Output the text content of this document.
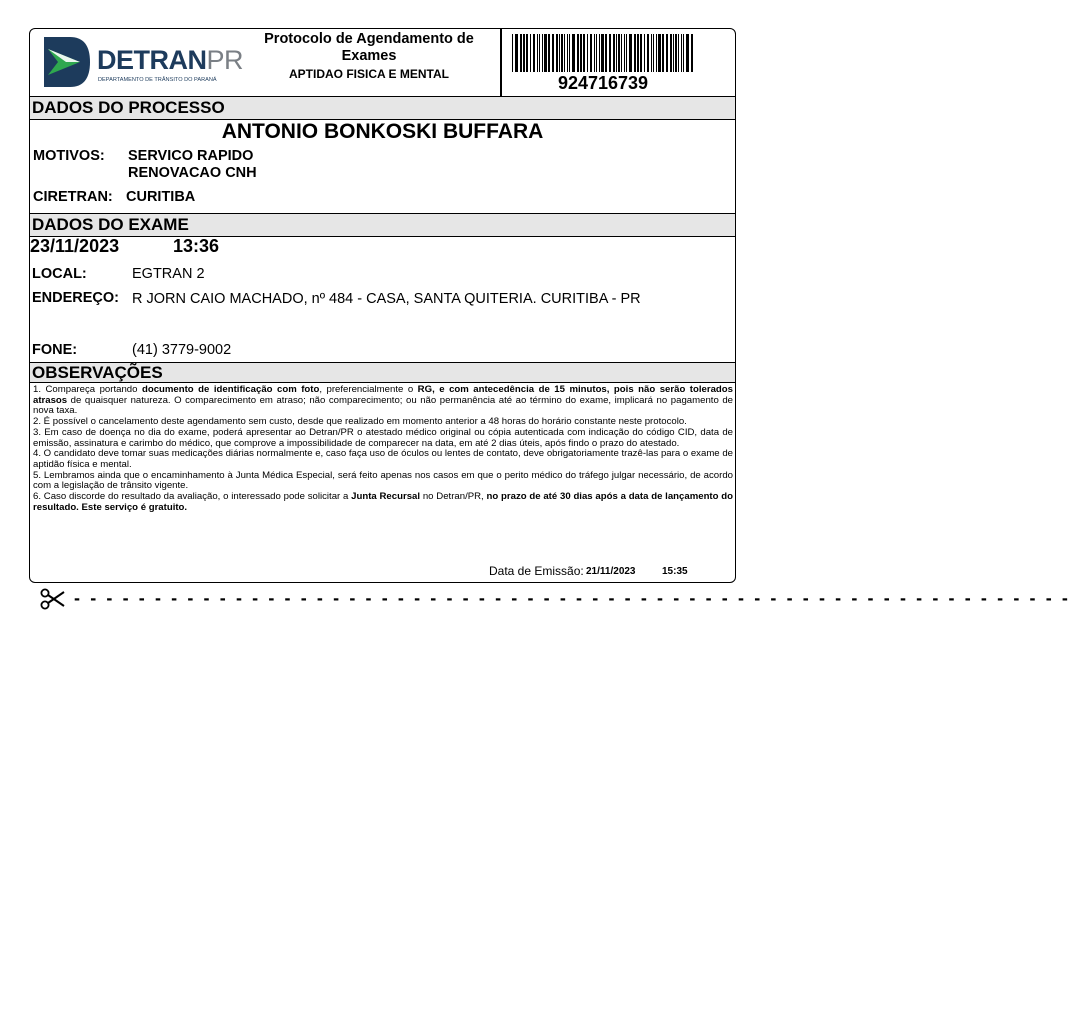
DETRANPR
DEPARTAMENTO DE TRÂNSITO DO PARANÁ
Protocolo de Agendamento de Exames
APTIDAO FISICA E MENTAL	924716739
DADOS DO PROCESSO
ANTONIO BONKOSKI BUFFARA
MOTIVOS: SERVICO RAPIDO
RENOVACAO CNH
CIRETRAN: CURITIBA
DADOS DO EXAME
23/11/2023	13:36
LOCAL:	EGTRAN 2
ENDEREÇO: R JORN CAIO MACHADO, nº 484 - CASA, SANTA QUITERIA. CURITIBA - PR
FONE:	(41) 3779-9002
OBSERVAÇÕES

1. Compareça portando documento de identificação com foto, preferencialmente o RG, e com antecedência de 15 minutos, pois não serão tolerados atrasos de quaisquer natureza. O comparecimento em atraso; não comparecimento; ou não permanência até ao término do exame, implicará no pagamento de nova taxa.

2. É possível o cancelamento deste agendamento sem custo, desde que realizado em momento anterior a 48 horas do horário constante neste protocolo.

3. Em caso de doença no dia do exame, poderá apresentar ao Detran/PR o atestado médico original ou cópia autenticada com indicação do código CID, data de emissão, assinatura e carimbo do médico, que comprove a impossibilidade de comparecer na data, em até 2 dias úteis, após findo o prazo do atestado.

4. O candidato deve tomar suas medicações diárias normalmente e, caso faça uso de óculos ou lentes de contato, deve obrigatoriamente trazê-las para o exame de aptidão física e mental.

5. Lembramos ainda que o encaminhamento à Junta Médica Especial, será feito apenas nos casos em que o perito médico do tráfego julgar necessário, de acordo com a legislação de trânsito vigente.

6. Caso discorde do resultado da avaliação, o interessado pode solicitar a Junta Recursal no Detran/PR, no prazo de até 30 dias após a data de lançamento do resultado. Este serviço é gratuito.

Data de Emissão: 21/11/2023	15:35
- - - - - - - - - - - - - - - - - - - - - - - - - - - - - - - - - - - - - - - - - - - - - - - - - - - - - - - - - - - - - -
